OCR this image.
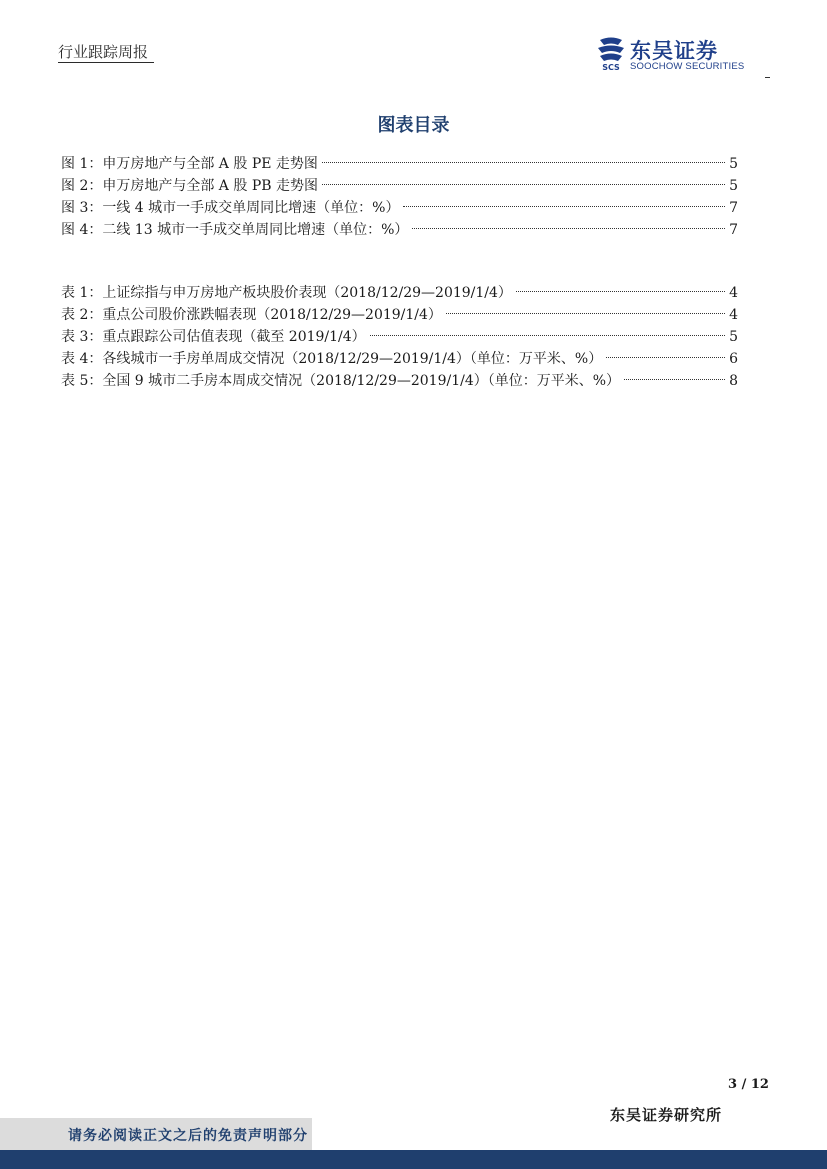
行业跟踪周报
SCS
东吴证券
SOOCHOW SECURITIES
图表目录
图 1：申万房地产与全部 A 股 PE 走势图	5
图 2：申万房地产与全部 A 股 PB 走势图	5
图 3：一线 4 城市一手成交单周同比增速（单位：%）	7
图 4：二线 13 城市一手成交单周同比增速（单位：%）	7
表 1：上证综指与申万房地产板块股价表现（2018/12/29—2019/1/4）	4
表 2：重点公司股价涨跌幅表现（2018/12/29—2019/1/4）	4
表 3：重点跟踪公司估值表现（截至 2019/1/4）	5
表 4：各线城市一手房单周成交情况（2018/12/29—2019/1/4）（单位：万平米、%）	6
表 5：全国 9 城市二手房本周成交情况（2018/12/29—2019/1/4）（单位：万平米、%）	8
3 / 12
东吴证券研究所
请务必阅读正文之后的免责声明部分
